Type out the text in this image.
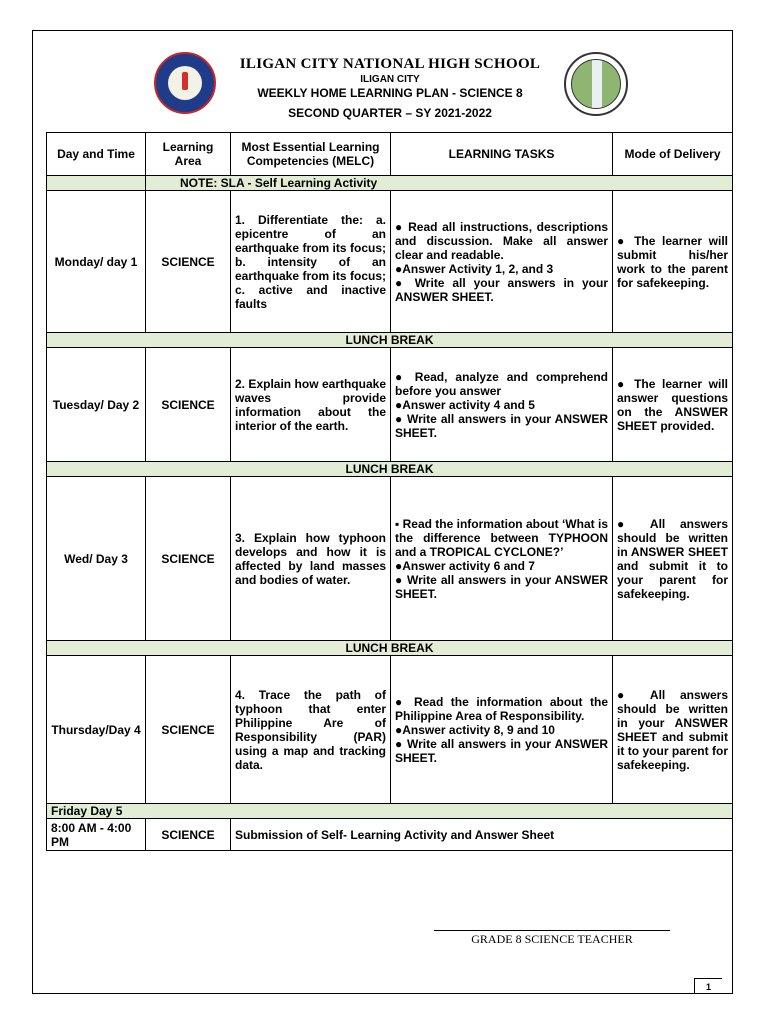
ILIGAN CITY NATIONAL HIGH SCHOOL
ILIGAN CITY
WEEKLY HOME LEARNING PLAN - SCIENCE 8
SECOND QUARTER – SY 2021-2022
Day and Time	Learning Area	Most Essential Learning Competencies (MELC)	LEARNING TASKS	Mode of Delivery
	NOTE: SLA - Self Learning Activity			
Monday/ day 1	SCIENCE	1. Differentiate the: a. epicentre of an earthquake from its focus; b. intensity of an earthquake from its focus; c. active and inactive faults	● Read all instructions, descriptions and discussion. Make all answer clear and readable.
●Answer Activity 1, 2, and 3
● Write all your answers in your ANSWER SHEET.	● The learner will submit his/her work to the parent for safekeeping.
LUNCH BREAK				
Tuesday/ Day 2	SCIENCE	2. Explain how earthquake waves provide information about the interior of the earth.	● Read, analyze and comprehend before you answer
●Answer activity 4 and 5
● Write all answers in your ANSWER SHEET.	● The learner will answer questions on the ANSWER SHEET provided.
LUNCH BREAK				
Wed/ Day 3	SCIENCE	3. Explain how typhoon develops and how it is affected by land masses and bodies of water.	▪ Read the information about ‘What is the difference between TYPHOON and a TROPICAL CYCLONE?’
●Answer activity 6 and 7
● Write all answers in your ANSWER SHEET.	● All answers should be written in ANSWER SHEET and submit it to your parent for safekeeping.
LUNCH BREAK				
Thursday/Day 4	SCIENCE	4. Trace the path of typhoon that enter Philippine Are of Responsibility (PAR) using a map and tracking data.	● Read the information about the Philippine Area of Responsibility.
●Answer activity 8, 9 and 10
● Write all answers in your ANSWER SHEET.	● All answers should be written in your ANSWER SHEET and submit it to your parent for safekeeping.
Friday Day 5				
8:00 AM - 4:00 PM	SCIENCE	Submission of Self- Learning Activity and Answer Sheet		
GRADE 8 SCIENCE TEACHER
1
